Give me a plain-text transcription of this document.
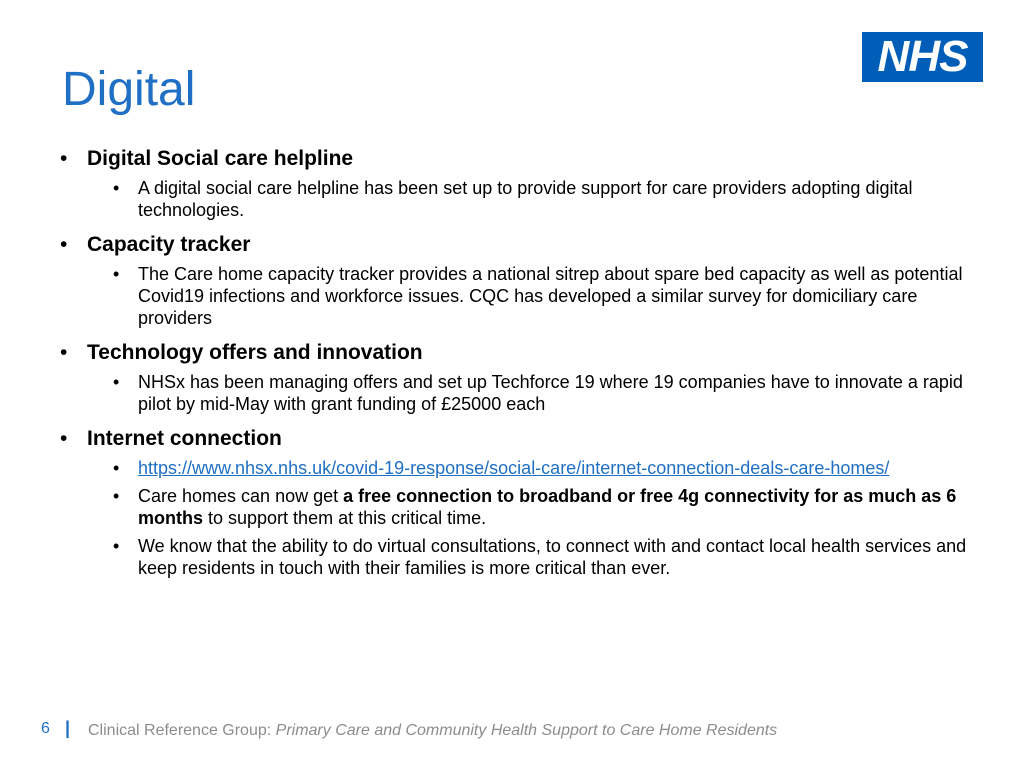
Digital
NHS
• Digital Social care helpline
• A digital social care helpline has been set up to provide support for care providers adopting digital technologies.
• Capacity tracker
• The Care home capacity tracker provides a national sitrep about spare bed capacity as well as potential Covid19 infections and workforce issues. CQC has developed a similar survey for domiciliary care providers
• Technology offers and innovation
• NHSx has been managing offers and set up Techforce 19 where 19 companies have to innovate a rapid pilot by mid-May with grant funding of £25000 each
• Internet connection
• https://www.nhsx.nhs.uk/covid-19-response/social-care/internet-connection-deals-care-homes/
• Care homes can now get a free connection to broadband or free 4g connectivity for as much as 6 months to support them at this critical time.
• We know that the ability to do virtual consultations, to connect with and contact local health services and keep residents in touch with their families is more critical than ever.
6 | Clinical Reference Group: Primary Care and Community Health Support to Care Home Residents
